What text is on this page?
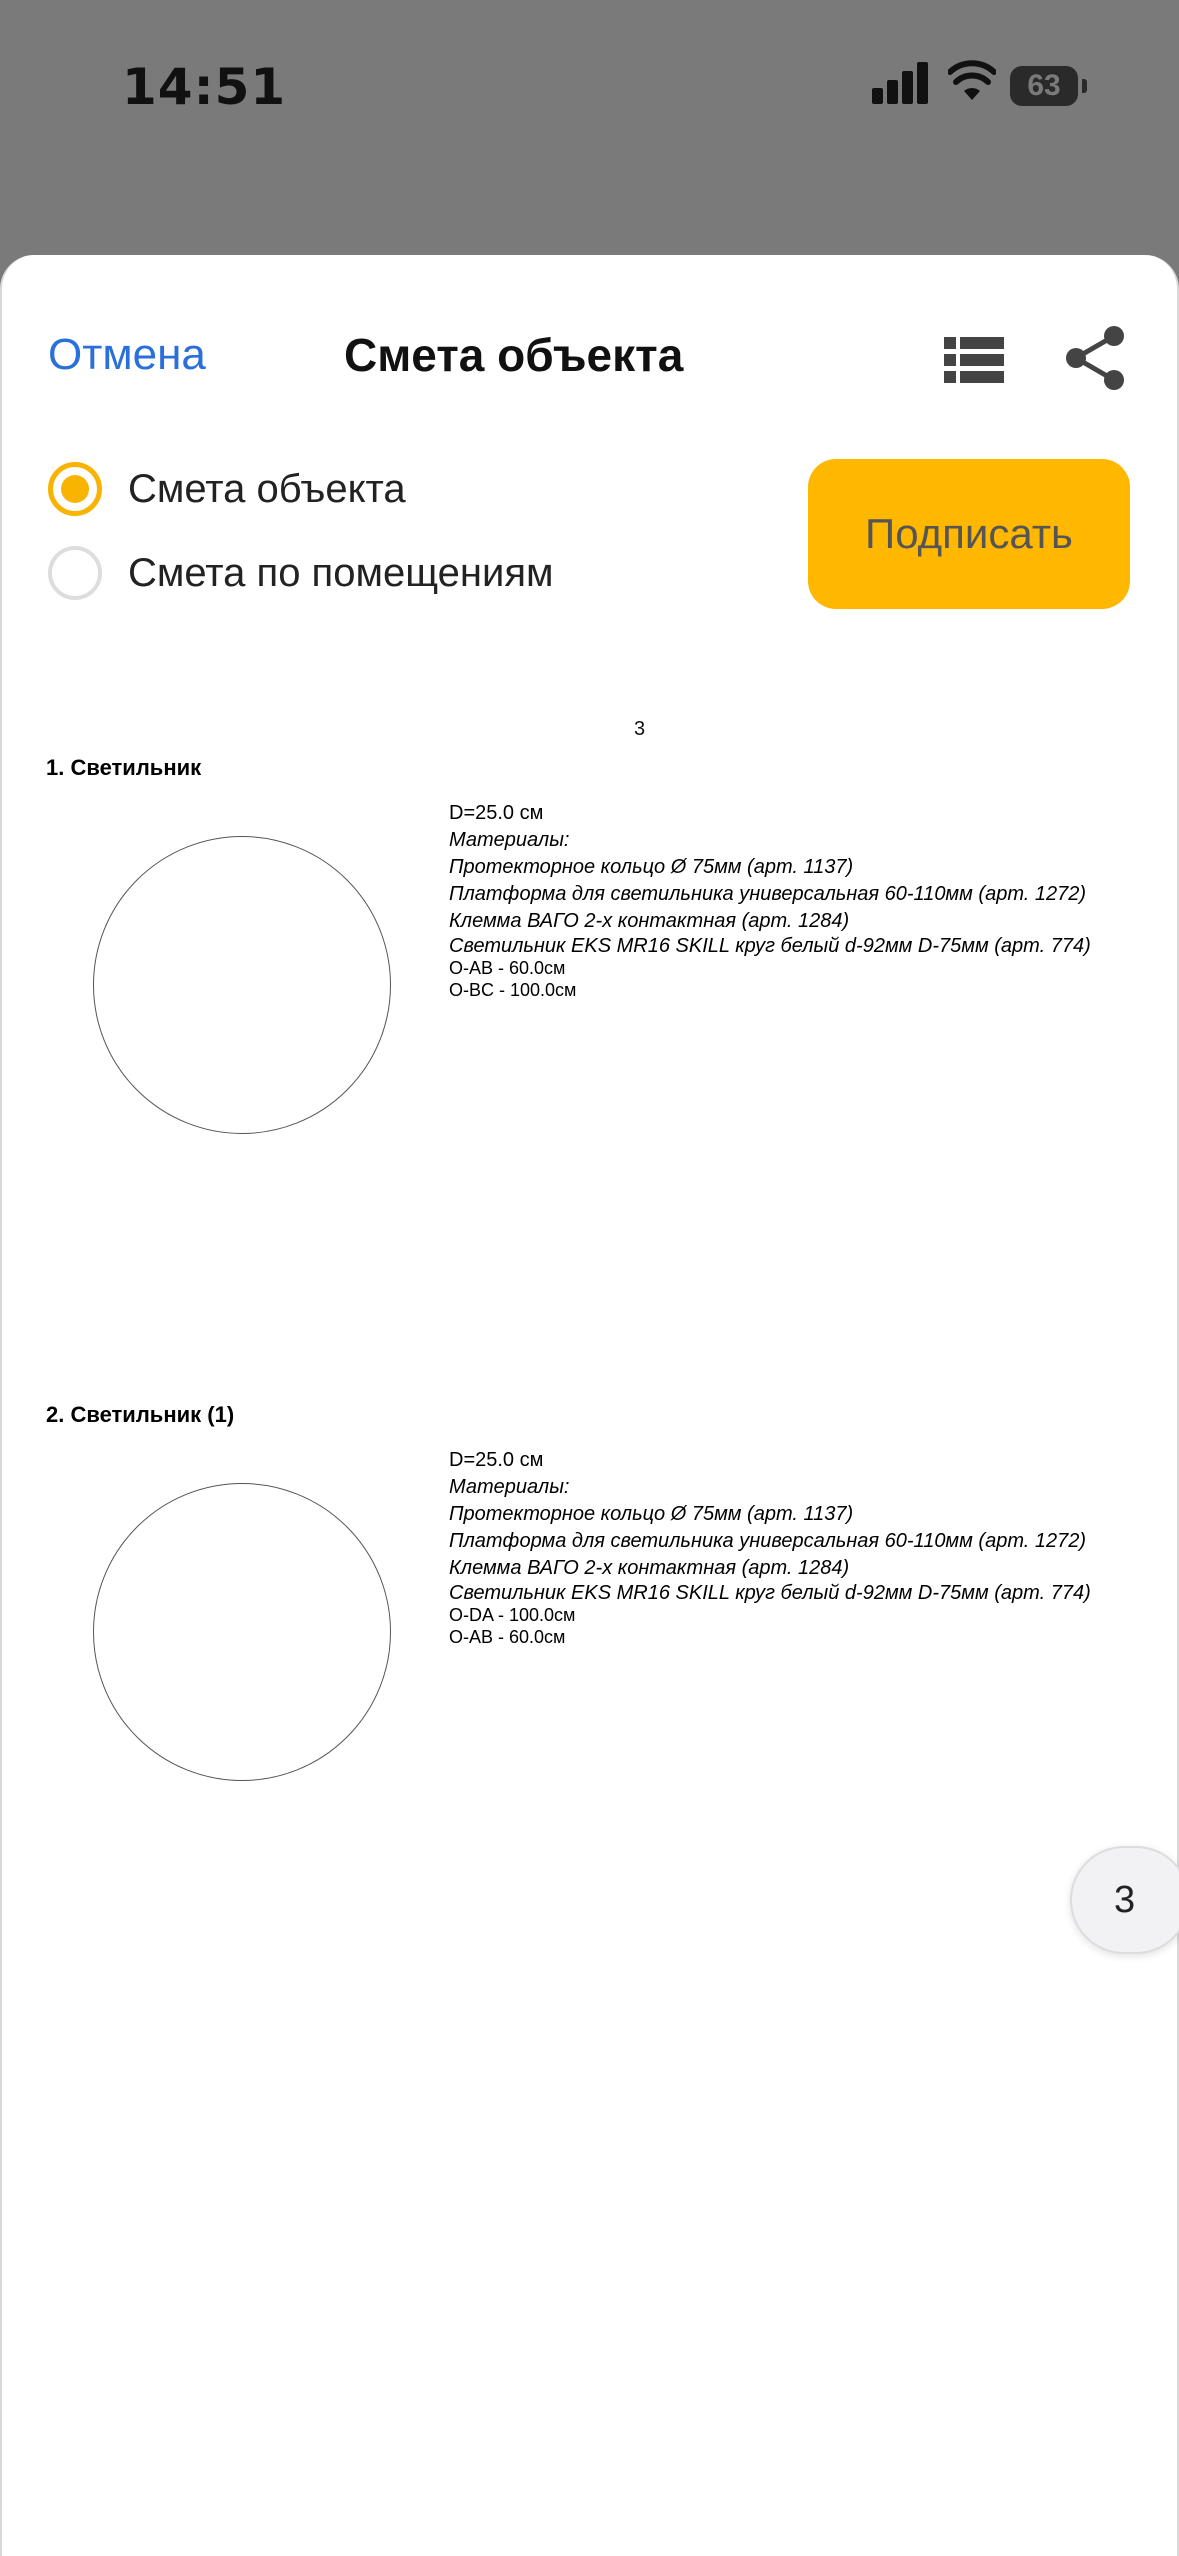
14:51	63
Отмена	Смета объекта
Смета объекта
Смета по помещениям
Подписать
3
1. Светильник
D=25.0 см
Материалы:
Протекторное кольцо Ø 75мм (арт. 1137)
Платформа для светильника универсальная 60-110мм (арт. 1272)
Клемма ВАГО 2-х контактная (арт. 1284)
Светильник EKS MR16 SKILL круг белый d-92мм D-75мм (арт. 774)
O-AB - 60.0см
O-BC - 100.0см
2. Светильник (1)
D=25.0 см
Материалы:
Протекторное кольцо Ø 75мм (арт. 1137)
Платформа для светильника универсальная 60-110мм (арт. 1272)
Клемма ВАГО 2-х контактная (арт. 1284)
Светильник EKS MR16 SKILL круг белый d-92мм D-75мм (арт. 774)
O-DA - 100.0см
O-AB - 60.0см
3
